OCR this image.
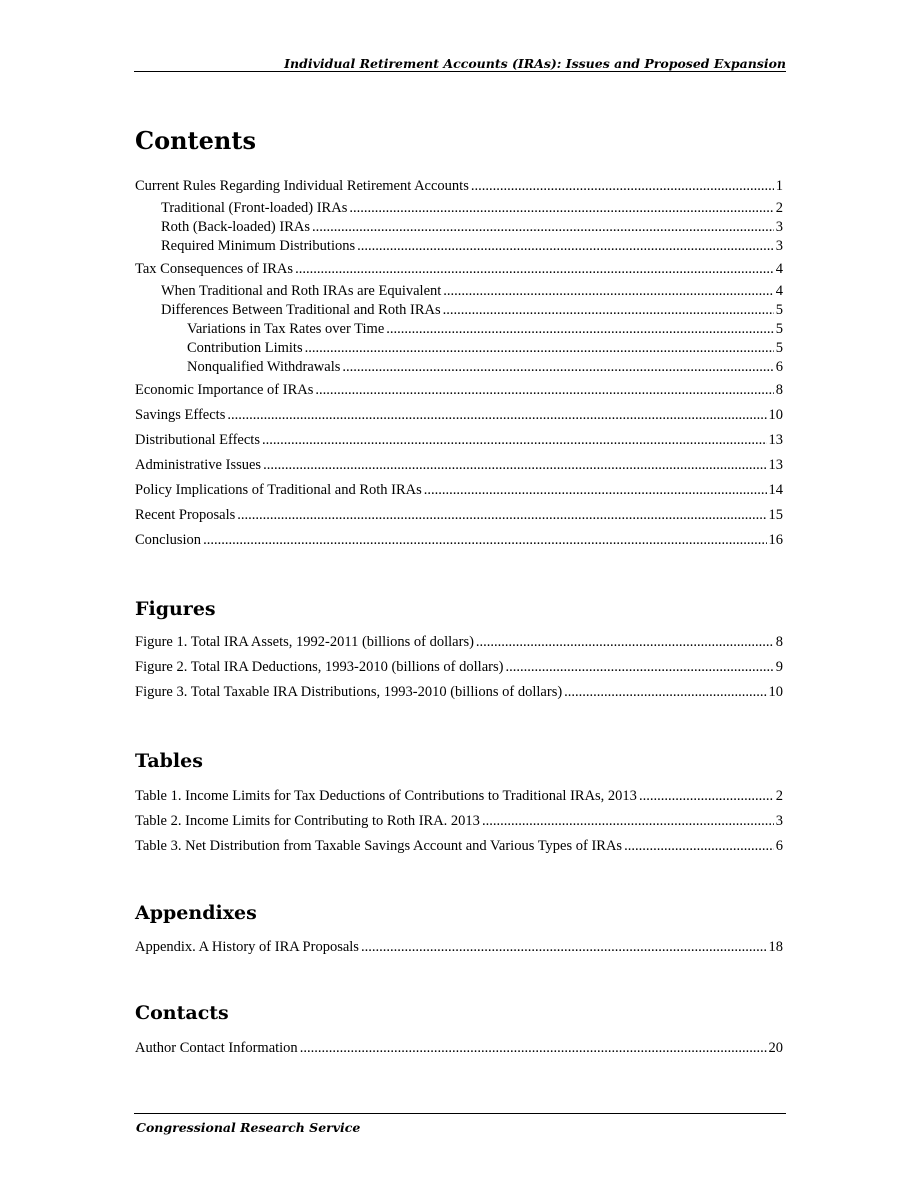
Individual Retirement Accounts (IRAs): Issues and Proposed Expansion
Contents
Current Rules Regarding Individual Retirement Accounts .....	1
Traditional (Front-loaded) IRAs .....	2
Roth (Back-loaded) IRAs .....	3
Required Minimum Distributions .....	3
Tax Consequences of IRAs .....	4
When Traditional and Roth IRAs are Equivalent .....	4
Differences Between Traditional and Roth IRAs .....	5
Variations in Tax Rates over Time .....	5
Contribution Limits .....	5
Nonqualified Withdrawals .....	6
Economic Importance of IRAs .....	8
Savings Effects .....	10
Distributional Effects .....	13
Administrative Issues .....	13
Policy Implications of Traditional and Roth IRAs .....	14
Recent Proposals .....	15
Conclusion .....	16
Figures
Figure 1. Total IRA Assets, 1992-2011 (billions of dollars) .....	8
Figure 2. Total IRA Deductions, 1993-2010 (billions of dollars) .....	9
Figure 3. Total Taxable IRA Distributions, 1993-2010 (billions of dollars) .....	10
Tables
Table 1. Income Limits for Tax Deductions of Contributions to Traditional IRAs, 2013 .....	2
Table 2. Income Limits for Contributing to Roth IRA. 2013 .....	3
Table 3. Net Distribution from Taxable Savings Account and Various Types of IRAs .....	6
Appendixes
Appendix. A History of IRA Proposals .....	18
Contacts
Author Contact Information .....	20
Congressional Research Service
